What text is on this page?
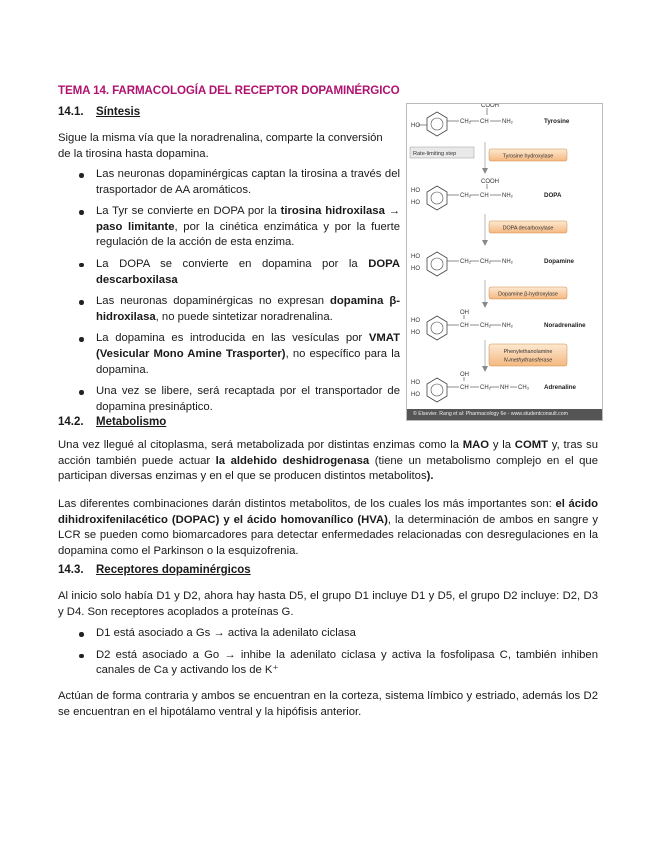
TEMA 14. FARMACOLOGÍA DEL RECEPTOR DOPAMINÉRGICO
14.1. Síntesis

Sigue la misma vía que la noradrenalina, comparte la conversión de la tirosina hasta dopamina.

Las neuronas dopaminérgicas captan la tirosina a través del trasportador de AA aromáticos.
La Tyr se convierte en DOPA por la tirosina hidroxilasa → paso limitante, por la cinética enzimática y por la fuerte regulación de la acción de esta enzima.
La DOPA se convierte en dopamina por la DOPA descarboxilasa
Las neuronas dopaminérgicas no expresan dopamina β-hidroxilasa, no puede sintetizar noradrenalina.
La dopamina es introducida en las vesículas por VMAT (Vesicular Mono Amine Trasporter), no específico para la dopamina.
Una vez se libere, será recaptada por el transportador de dopamina presináptico.
HO
CH₂ CH
COOH
NH₂	Tyrosine
Rate-limiting step	Tyrosine hydroxylase
HO
HO
CH₂ CH
COOH
NH₂	DOPA
DOPA decarboxylase
HO
HO
CH₂ CH₂ NH₂	Dopamine
Dopamine β-hydroxylase
HO
HO
CH
OH
CH₂ NH₂	Noradrenaline
Phenylethanolamine
N-methyltransferase
HO
HO
CH
OH
CH₂ NH CH₃ Adrenaline
© Elsevier. Rang et al: Pharmacology 6e - www.studentconsult.com
14.2. Metabolismo

Una vez llegué al citoplasma, será metabolizada por distintas enzimas como la MAO y la COMT y, tras su acción también puede actuar la aldehido deshidrogenasa (tiene un metabolismo complejo en el que participan diversas enzimas y en el que se producen distintos metabolitos).

Las diferentes combinaciones darán distintos metabolitos, de los cuales los más importantes son: el ácido dihidroxifenilacético (DOPAC) y el ácido homovanílico (HVA), la determinación de ambos en sangre y LCR se pueden como biomarcadores para detectar enfermedades relacionadas con desregulaciones en la dopamina como el Parkinson o la esquizofrenia.

14.3. Receptores dopaminérgicos

Al inicio solo había D1 y D2, ahora hay hasta D5, el grupo D1 incluye D1 y D5, el grupo D2 incluye: D2, D3 y D4. Son receptores acoplados a proteínas G.

D1 está asociado a Gs → activa la adenilato ciclasa
D2 está asociado a Go → inhibe la adenilato ciclasa y activa la fosfolipasa C, también inhiben canales de Ca y activando los de K⁺

Actúan de forma contraria y ambos se encuentran en la corteza, sistema límbico y estriado, además los D2 se encuentran en el hipotálamo ventral y la hipófisis anterior.
